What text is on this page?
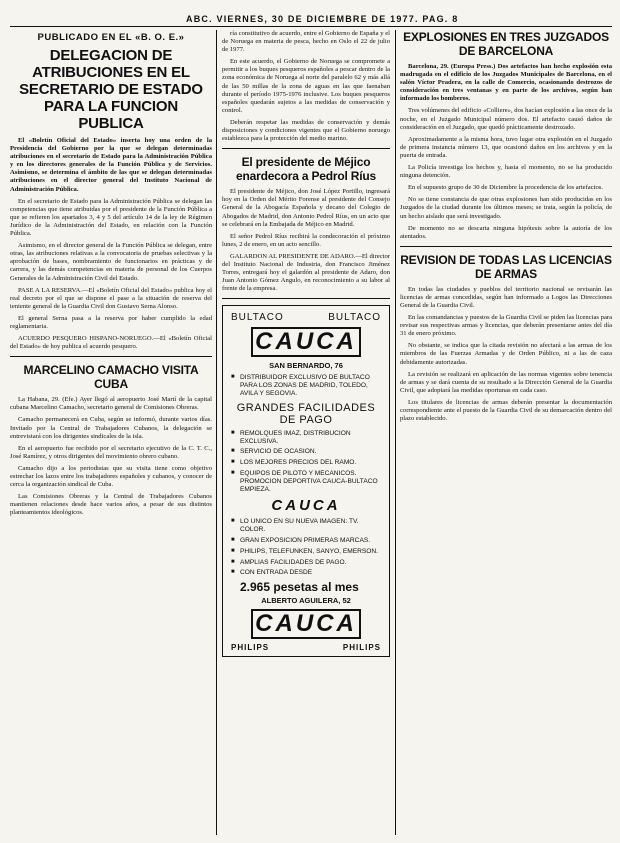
ABC. VIERNES, 30 DE DICIEMBRE DE 1977. PAG. 8
PUBLICADO EN EL «B. O. E.»
DELEGACION DE ATRIBUCIONES EN EL SECRETARIO DE ESTADO PARA LA FUNCION PUBLICA

El «Boletín Oficial del Estado» inserta hoy una orden de la Presidencia del Gobierno por la que se delegan determinadas atribuciones en el secretario de Estado para la Administración Pública y en los directores generales de la Función Pública y de Servicios. Asimismo, se determina el ámbito de las que se delegan determinadas atribuciones en el director general del Instituto Nacional de Administración Pública.

En el secretario de Estado para la Administración Pública se delegan las competencias que tiene atribuidas por el presidente de la Función Pública a que se refieren los apartados 3, 4 y 5 del artículo 14 de la ley de Régimen Jurídico de la Administración del Estado, en relación con la Función Pública.

Asimismo, en el director general de la Función Pública se delegan, entre otras, las atribuciones relativas a la convocatoria de pruebas selectivas y la aprobación de bases, nombramiento de funcionarios en prácticas y de carrera, y las demás competencias en materia de personal de los Cuerpos Generales de la Administración Civil del Estado.

PASE A LA RESERVA.—El «Boletín Oficial del Estado» publica hoy el real decreto por el que se dispone el pase a la situación de reserva del teniente general de la Guardia Civil don Gustavo Serna Alonso.

El general Serna pasa a la reserva por haber cumplido la edad reglamentaria.

ACUERDO PESQUERO HISPANO-NORUEGO.—El «Boletín Oficial del Estado» de hoy publica el acuerdo pesquero.

MARCELINO CAMACHO VISITA CUBA

La Habana, 29. (Efe.) Ayer llegó al aeropuerto José Martí de la capital cubana Marcelino Camacho, secretario general de Comisiones Obreras.

Camacho permanecerá en Cuba, según se informó, durante varios días. Invitado por la Central de Trabajadores Cubanos, la delegación se entrevistará con los dirigentes sindicales de la isla.

En el aeropuerto fue recibido por el secretario ejecutivo de la C. T. C., José Ramírez, y otros dirigentes del movimiento obrero cubano.

Camacho dijo a los periodistas que su visita tiene como objetivo estrechar los lazos entre los trabajadores españoles y cubanos, y conocer de cerca la organización sindical de Cuba.

Las Comisiones Obreras y la Central de Trabajadores Cubanos mantienen relaciones desde hace varios años, a pesar de sus distintos planteamientos ideológicos.

ría constitutivo de acuerdo, entre el Gobierno de España y el de Noruega en materia de pesca, hecho en Oslo el 22 de julio de 1977.

En este acuerdo, el Gobierno de Noruega se compromete a permitir a los buques pesqueros españoles a pescar dentro de la zona económica de Noruega al norte del paralelo 62 y más allá de las 50 millas de la zona de aguas en las que faenaban durante el período 1975-1976 inclusive. Los buques pesqueros españoles quedarán sujetos a las medidas de conservación y control.

Deberán respetar las medidas de conservación y demás disposiciones y condiciones vigentes que el Gobierno noruego establezca para la protección del medio marino.

El presidente de Méjico enardecora a Pedrol Ríus

El presidente de Méjico, don José López Portillo, ingresará hoy en la Orden del Mérito Forense al presidente del Consejo General de la Abogacía Española y decano del Colegio de Abogados de Madrid, don Antonio Pedrol Ríus, en un acto que se celebrará en la Embajada de Méjico en Madrid.

El señor Pedrol Ríus recibirá la condecoración el próximo lunes, 2 de enero, en un acto sencillo.

GALARDON AL PRESIDENTE DE ADARO.—El director del Instituto Nacional de Industria, don Francisco Jiménez Torres, entregará hoy el galardón al presidente de Adaro, don Juan Antonio Gómez Angulo, en reconocimiento a su labor al frente de la empresa.

BULTACO	BULTACO
CAUCA
SAN BERNARDO, 76
■ DISTRIBUIDOR EXCLUSIVO DE BULTACO PARA LOS ZONAS DE MADRID, TOLEDO, AVILA Y SEGOVIA.
GRANDES FACILIDADES DE PAGO
■ REMOLQUES IMAZ, DISTRIBUCION EXCLUSIVA.
■ SERVICIO DE OCASION.
■ LOS MEJORES PRECIOS DEL RAMO.
■ EQUIPOS DE PILOTO Y MECANICOS. PROMOCION DEPORTIVA CAUCA-BULTACO EMPIEZA.
CAUCA
■ LO UNICO EN SU NUEVA IMAGEN: TV. COLOR.
■ GRAN EXPOSICION PRIMERAS MARCAS.
■ PHILIPS, TELEFUNKEN, SANYO, EMERSON.
■ AMPLIAS FACILIDADES DE PAGO.
■ CON ENTRADA DESDE
2.965 pesetas al mes
ALBERTO AGUILERA, 52
CAUCA
PHILIPS	PHILIPS
EXPLOSIONES EN TRES JUZGADOS DE BARCELONA

Barcelona, 29. (Europa Press.) Dos artefactos han hecho explosión esta madrugada en el edificio de los Juzgados Municipales de Barcelona, en el salón Víctor Pradera, en la calle de Comercio, ocasionando destrozos de consideración en tres ventanas y en parte de los archivos, según han informado los bomberos.

Tres volúmenes del edificio «Colliere», dos hacían explosión a las once de la noche, en el Juzgado Municipal número dos. El artefacto causó daños de consideración en el Juzgado, que quedó prácticamente destrozado.

Aproximadamente a la misma hora, tuvo lugar otra explosión en el Juzgado de primera instancia número 13, que ocasionó daños en los archivos y en la puerta de entrada.

La Policía investiga los hechos y, hasta el momento, no se ha producido ninguna detención.

En el supuesto grupo de 30 de Diciembre la procedencia de los artefactos.

No se tiene constancia de que otras explosiones han sido producidas en los Juzgados de la ciudad durante los últimos meses; se trata, según la policía, de un hecho aislado que será investigado.

De momento no se descarta ninguna hipótesis sobre la autoría de los atentados.

REVISION DE TODAS LAS LICENCIAS DE ARMAS

En todas las ciudades y pueblos del territorio nacional se revisarán las licencias de armas concedidas, según han informado a Logos las Direcciones General de la Guardia Civil.

En las comandancias y puestos de la Guardia Civil se piden las licencias para revisar sus respectivas armas y licencias, que deberán presentarse antes del día 31 de enero próximo.

No obstante, se indica que la citada revisión no afectará a las armas de los miembros de las Fuerzas Armadas y de Orden Público, ni a las de caza debidamente autorizadas.

La revisión se realizará en aplicación de las normas vigentes sobre tenencia de armas y se dará cuenta de su resultado a la Dirección General de la Guardia Civil, que adoptará las medidas oportunas en cada caso.

Los titulares de licencias de armas deberán presentar la documentación correspondiente ante el puesto de la Guardia Civil de su demarcación dentro del plazo establecido.
